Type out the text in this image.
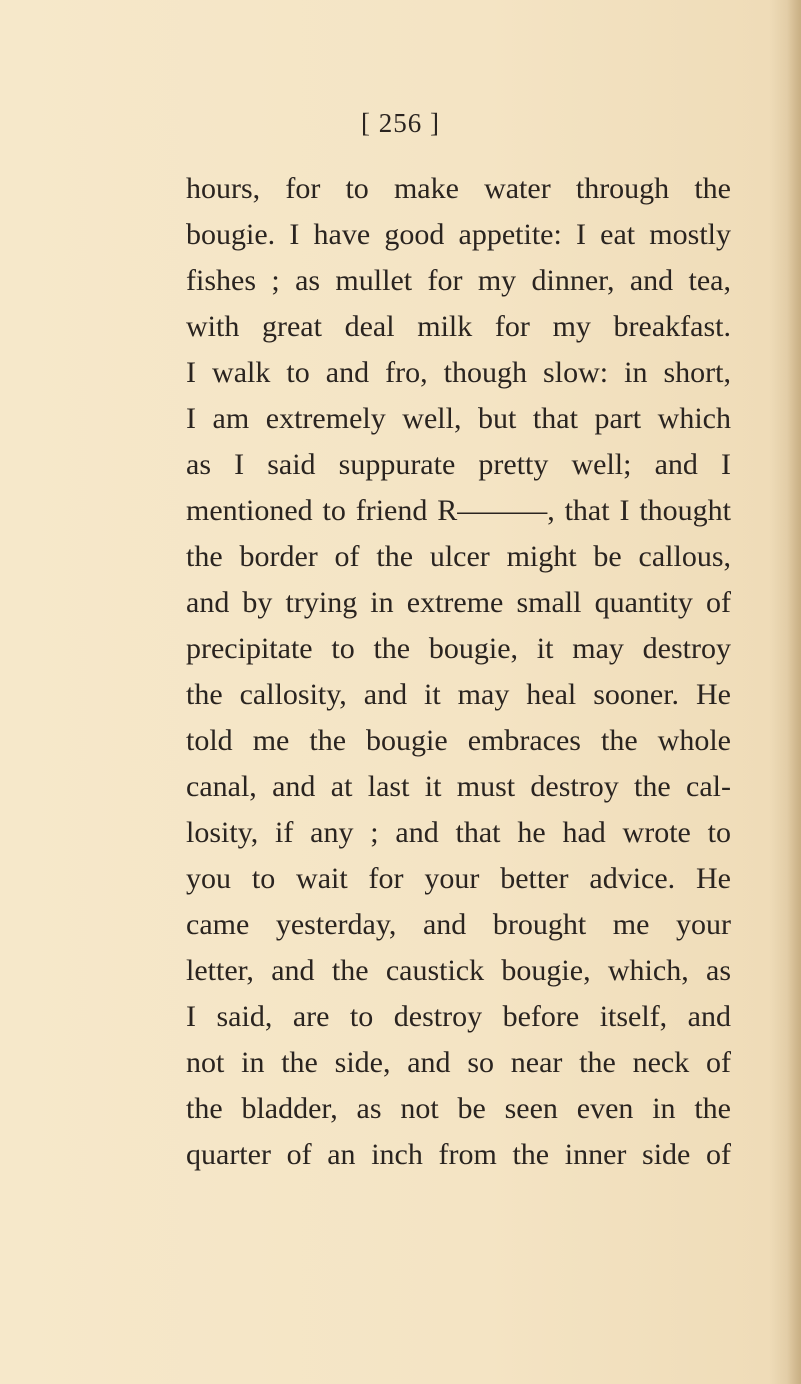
[ 256 ]
hours, for to make water through the
bougie. I have good appetite: I eat mostly
fishes ; as mullet for my dinner, and tea,
with great deal milk for my breakfast.
I walk to and fro, though slow: in short,
I am extremely well, but that part which
as I said suppurate pretty well; and I
mentioned to friend R———, that I thought
the border of the ulcer might be callous,
and by trying in extreme small quantity of
precipitate to the bougie, it may destroy
the callosity, and it may heal sooner. He
told me the bougie embraces the whole
canal, and at last it must destroy the cal-
losity, if any ; and that he had wrote to
you to wait for your better advice. He
came yesterday, and brought me your
letter, and the caustick bougie, which, as
I said, are to destroy before itself, and
not in the side, and so near the neck of
the bladder, as not be seen even in the
quarter of an inch from the inner side of
